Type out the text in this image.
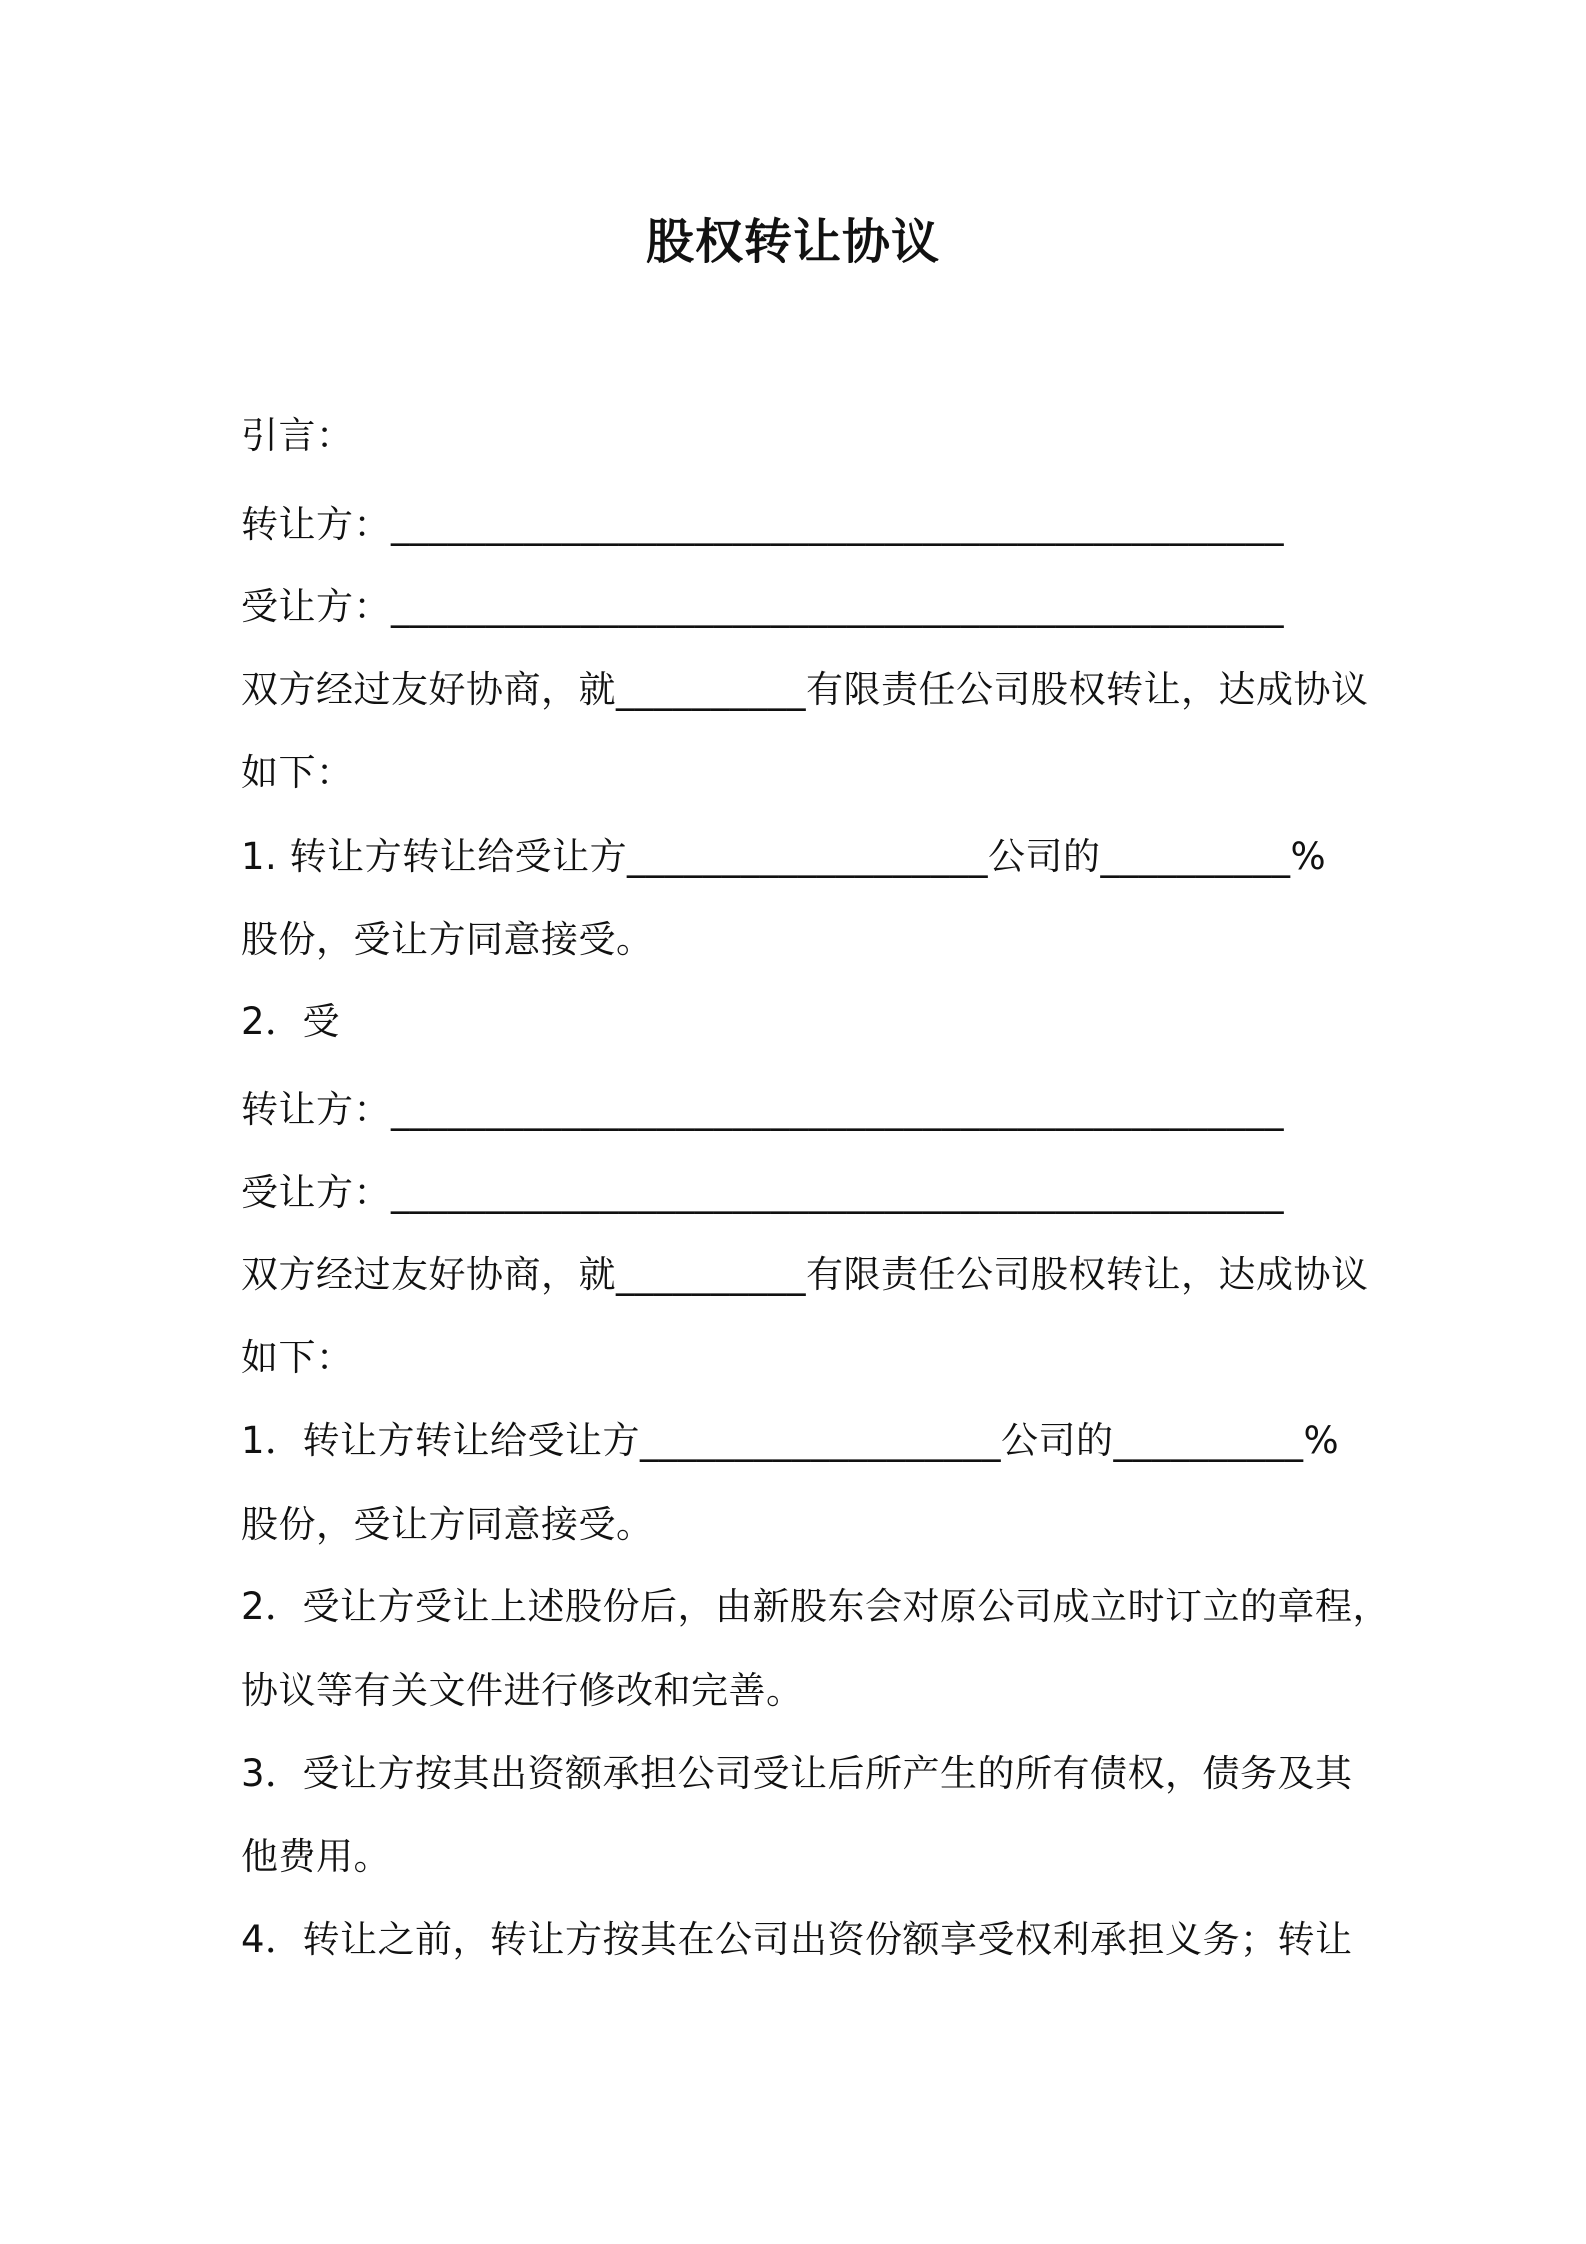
股权转让协议
引言：
转让方：_______________________________________________
受让方：_______________________________________________
双方经过友好协商，就__________有限责任公司股权转让，达成协议
如下：
1. 转让方转让给受让方___________________公司的__________%
股份，受让方同意接受。
2．受
转让方：_______________________________________________
受让方：_______________________________________________
双方经过友好协商，就__________有限责任公司股权转让，达成协议
如下：
1．转让方转让给受让方___________________公司的__________%
股份，受让方同意接受。
2．受让方受让上述股份后，由新股东会对原公司成立时订立的章程，
协议等有关文件进行修改和完善。
3．受让方按其出资额承担公司受让后所产生的所有债权，债务及其
他费用。
4．转让之前，转让方按其在公司出资份额享受权利承担义务；转让
